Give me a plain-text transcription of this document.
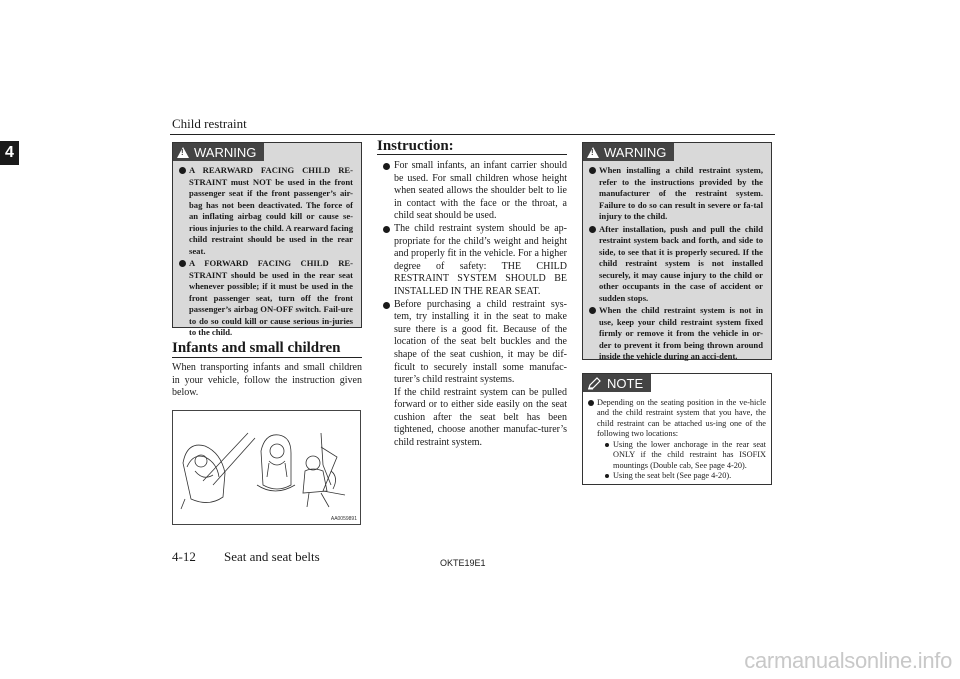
Child restraint
4
!	WARNING
A REARWARD FACING CHILD RE-STRAINT must NOT be used in the front passenger seat if the front passenger’s air-bag has not been deactivated. The force of an inflating airbag could kill or cause se-rious injuries to the child. A rearward facing child restraint should be used in the rear seat.
A FORWARD FACING CHILD RE-STRAINT should be used in the rear seat whenever possible; if it must be used in the front passenger seat, turn off the front passenger’s airbag ON-OFF switch. Fail-ure to do so could kill or cause serious in-juries to the child.
Infants and small children
When transporting infants and small children in your vehicle, follow the instruction given below.
AA0059891
Instruction:
For small infants, an infant carrier should be used. For small children whose height when seated allows the shoulder belt to lie in contact with the face or the throat, a child seat should be used.
The child restraint system should be ap-propriate for the child’s weight and height and properly fit in the vehicle. For a higher degree of safety: THE CHILD RESTRAINT SYSTEM SHOULD BE INSTALLED IN THE REAR SEAT.
Before purchasing a child restraint sys-tem, try installing it in the seat to make sure there is a good fit. Because of the location of the seat belt buckles and the shape of the seat cushion, it may be dif-ficult to securely install some manufac-turer’s child restraint systems.
If the child restraint system can be pulled forward or to either side easily on the seat cushion after the seat belt has been tightened, choose another manufac-turer’s child restraint system.
!
WARNING
When installing a child restraint system, refer to the instructions provided by the manufacturer of the restraint system. Failure to do so can result in severe or fa-tal injury to the child.
After installation, push and pull the child restraint system back and forth, and side to side, to see that it is properly secured. If the child restraint system is not installed securely, it may cause injury to the child or other occupants in the case of accident or sudden stops.
When the child restraint system is not in use, keep your child restraint system fixed firmly or remove it from the vehicle in or-der to prevent it from being thrown around inside the vehicle during an acci-dent.
NOTE
Depending on the seating position in the ve-hicle and the child restraint system that you have, the child restraint can be attached us-ing one of the following two locations:
Using the lower anchorage in the rear seat ONLY if the child restraint has ISOFIX mountings (Double cab, See page 4-20).
Using the seat belt (See page 4-20).
4-12 Seat and seat belts	OKTE19E1
carmanualsonline.info
